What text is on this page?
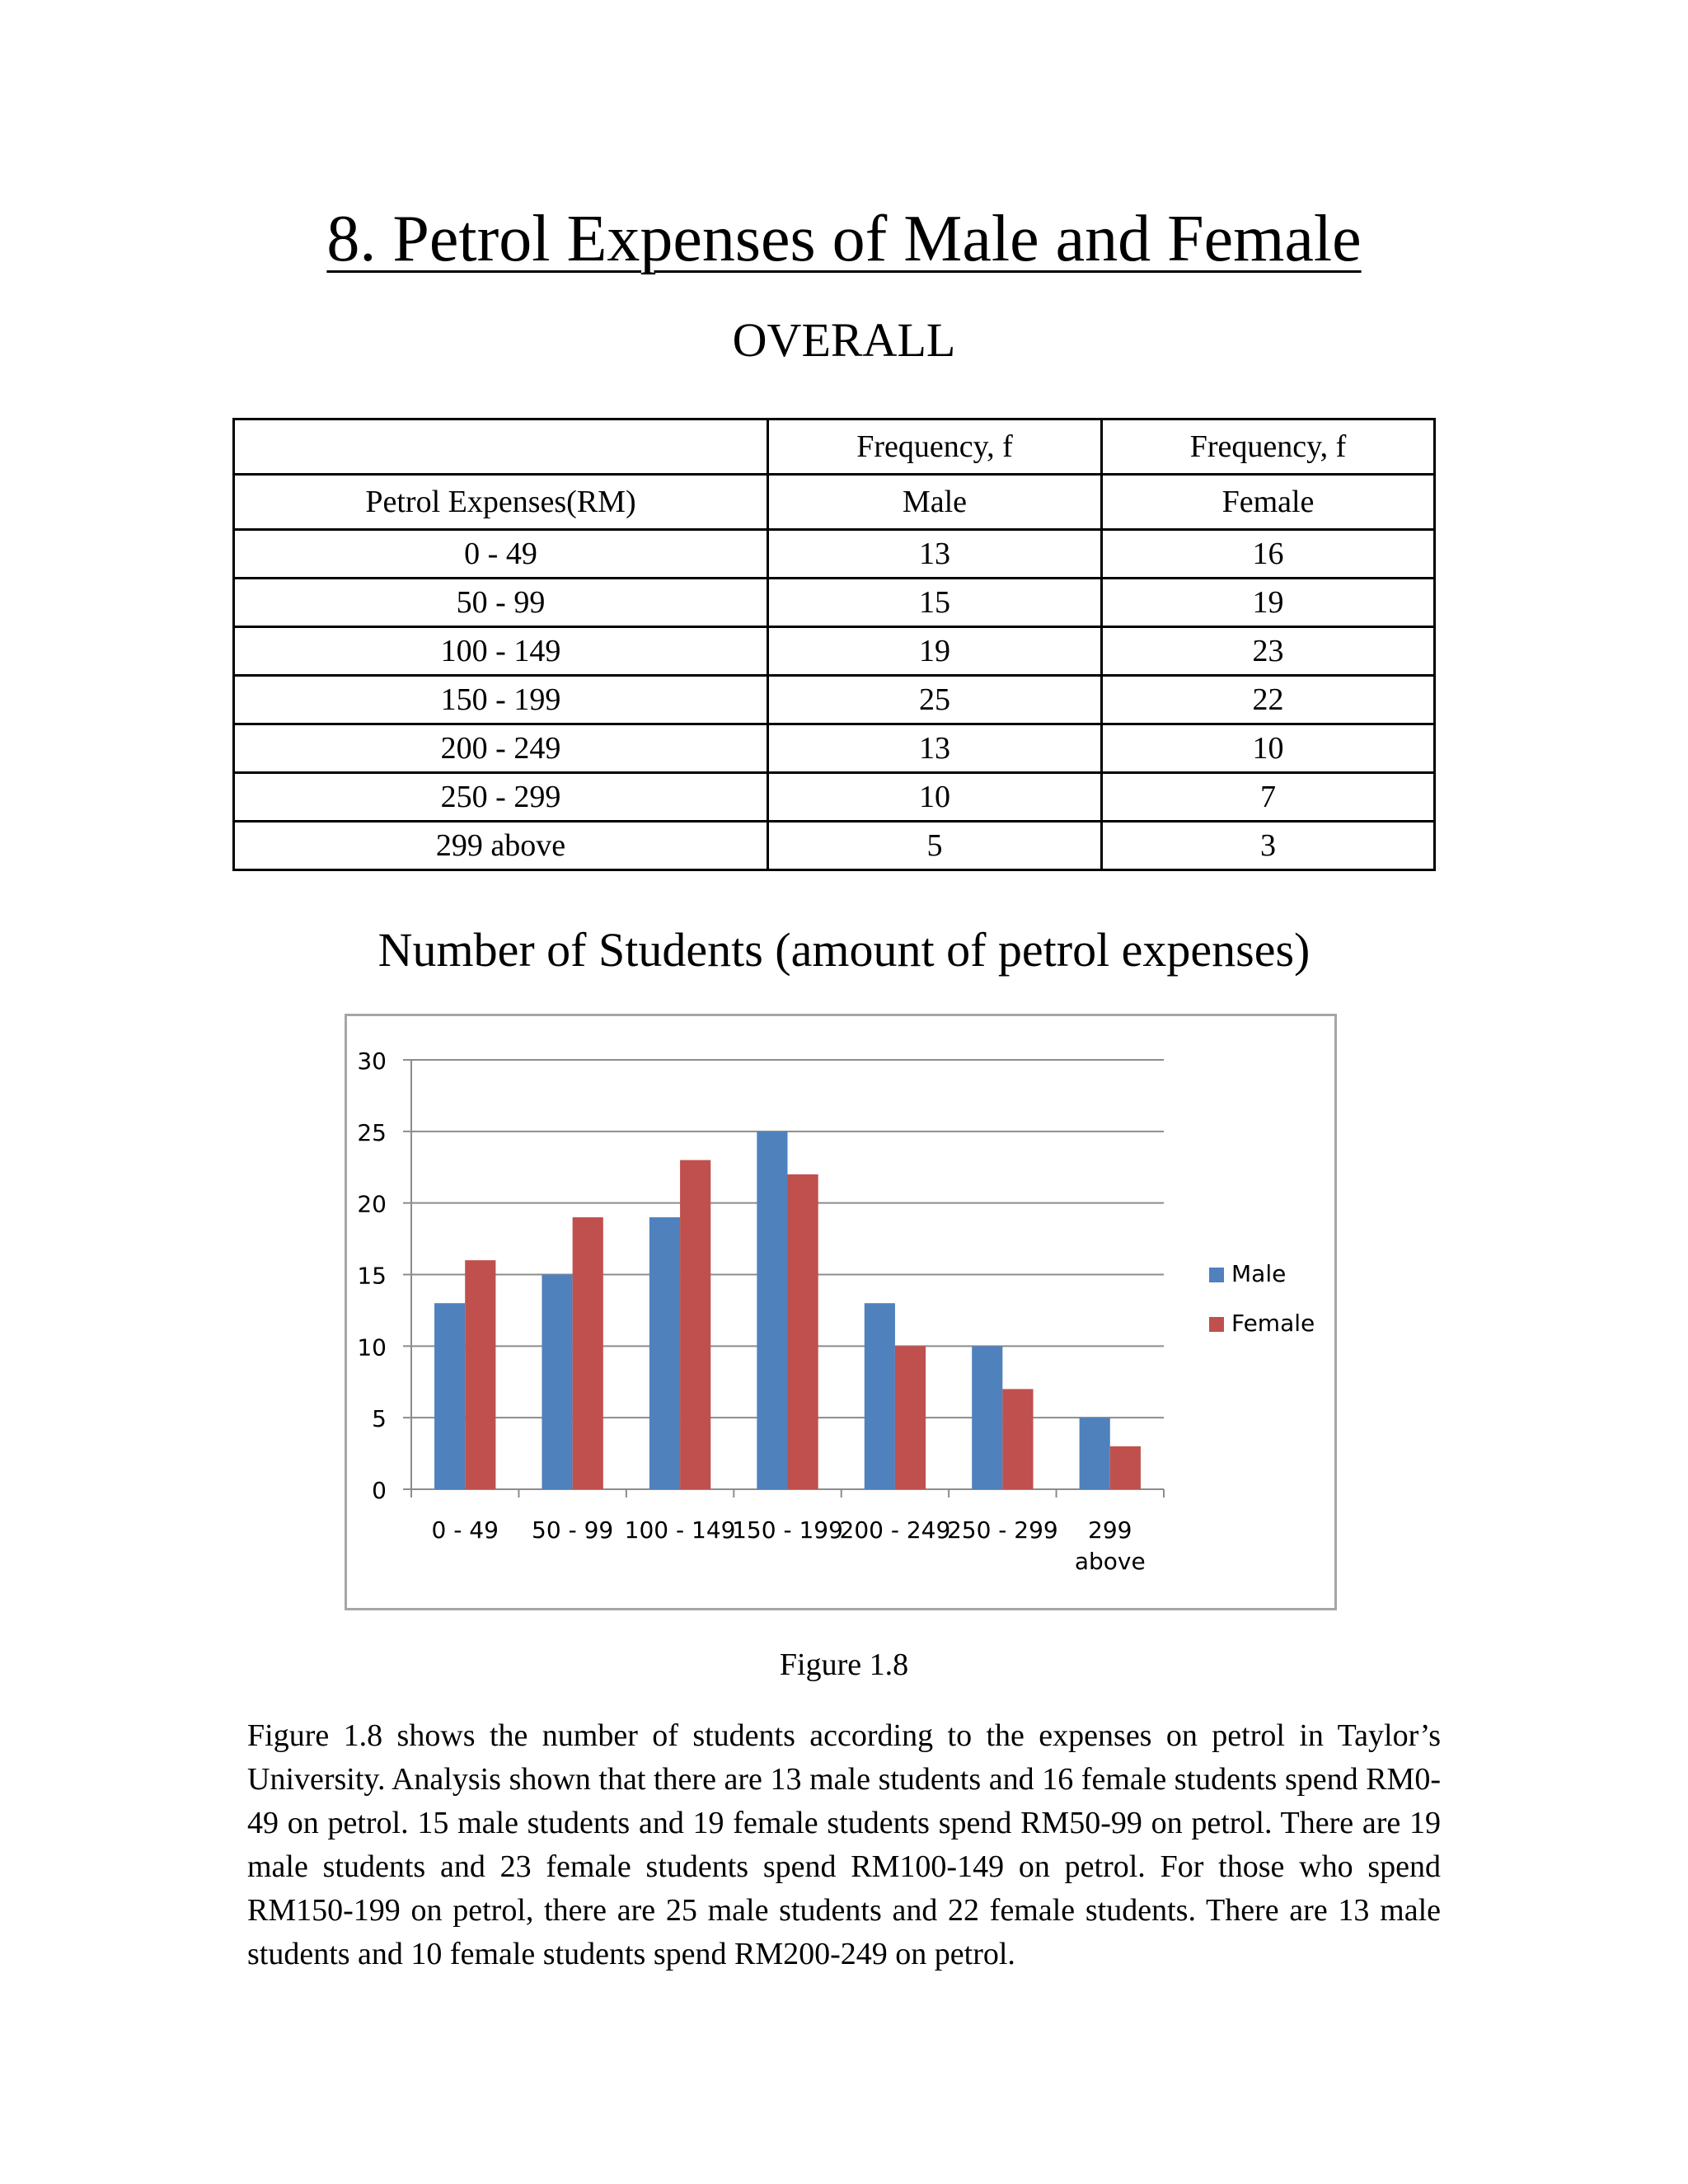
8. Petrol Expenses of Male and Female
OVERALL
	Frequency, f	Frequency, f
Petrol Expenses(RM)	Male	Female
0 - 49	13	16
50 - 99	15	19
100 - 149	19	23
150 - 199	25	22
200 - 249	13	10
250 - 299	10	7
299 above	5	3
Number of Students (amount of petrol expenses)
0
5
10
15
20
25
30
0 - 49 50 - 99 100 - 149
150 - 199
200 - 249
250 - 299	299 above
Male
Female
Figure 1.8

Figure 1.8 shows the number of students according to the expenses on petrol in Taylor’s University. Analysis shown that there are 13 male students and 16 female students spend RM0-49 on petrol. 15 male students and 19 female students spend RM50-99 on petrol. There are 19 male students and 23 female students spend RM100-149 on petrol. For those who spend RM150-199 on petrol, there are 25 male students and 22 female students. There are 13 male students and 10 female students spend RM200-249 on petrol.
